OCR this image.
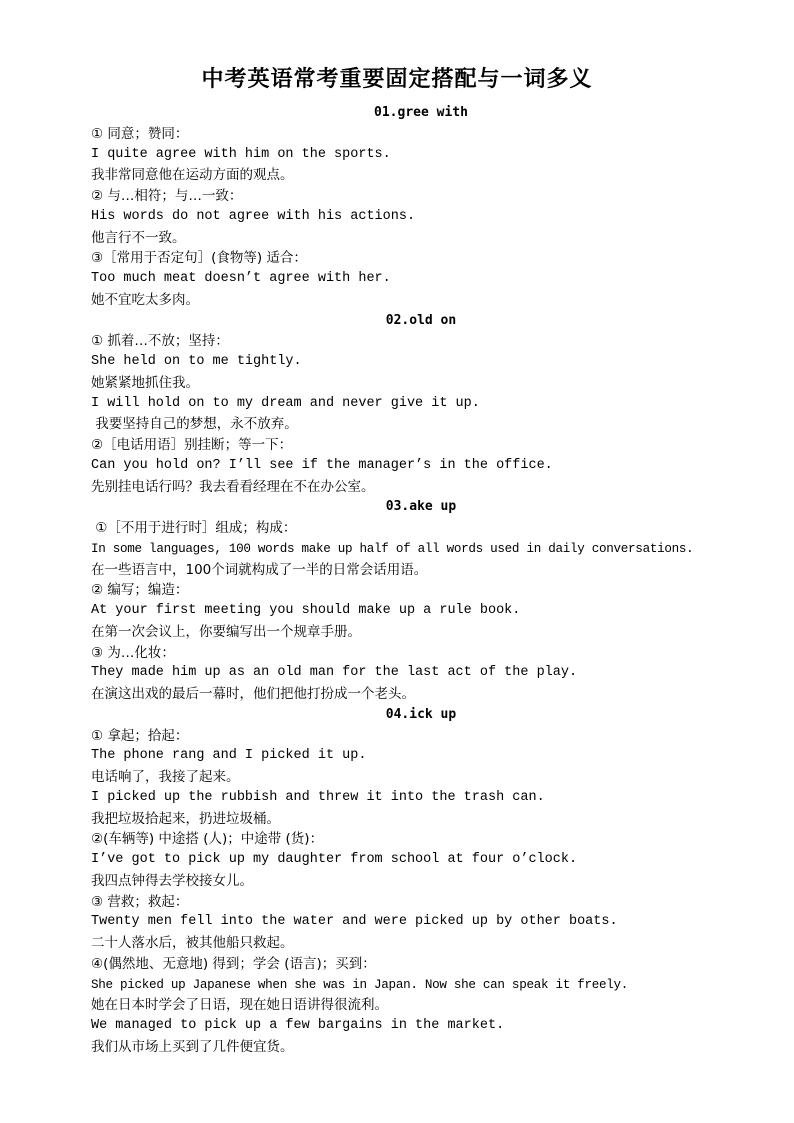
中考英语常考重要固定搭配与一词多义
01.gree with
① 同意；赞同：
I quite agree with him on the sports.
我非常同意他在运动方面的观点。
② 与…相符；与…一致：
His words do not agree with his actions.
他言行不一致。
③［常用于否定句］(食物等) 适合：
Too much meat doesn’t agree with her.
她不宜吃太多肉。
02.old on
① 抓着…不放；坚持：
She held on to me tightly.
她紧紧地抓住我。
I will hold on to my dream and never give it up.
我要坚持自己的梦想，永不放弃。
②［电话用语］别挂断；等一下：
Can you hold on? I’ll see if the manager’s in the office.
先别挂电话行吗？我去看看经理在不在办公室。
03.ake up
①［不用于进行时］组成；构成：
In some languages, 100 words make up half of all words used in daily conversations.
在一些语言中，100个词就构成了一半的日常会话用语。
② 编写；编造：
At your first meeting you should make up a rule book.
在第一次会议上，你要编写出一个规章手册。
③ 为…化妆：
They made him up as an old man for the last act of the play.
在演这出戏的最后一幕时，他们把他打扮成一个老头。
04.ick up
① 拿起；拾起：
The phone rang and I picked it up.
电话响了，我接了起来。
I picked up the rubbish and threw it into the trash can.
我把垃圾拾起来，扔进垃圾桶。
②(车辆等) 中途搭 (人)；中途带 (货)：
I’ve got to pick up my daughter from school at four o’clock.
我四点钟得去学校接女儿。
③ 营救；救起：
Twenty men fell into the water and were picked up by other boats.
二十人落水后，被其他船只救起。
④(偶然地、无意地) 得到；学会 (语言)；买到：
She picked up Japanese when she was in Japan. Now she can speak it freely.
她在日本时学会了日语，现在她日语讲得很流利。
We managed to pick up a few bargains in the market.
我们从市场上买到了几件便宜货。
